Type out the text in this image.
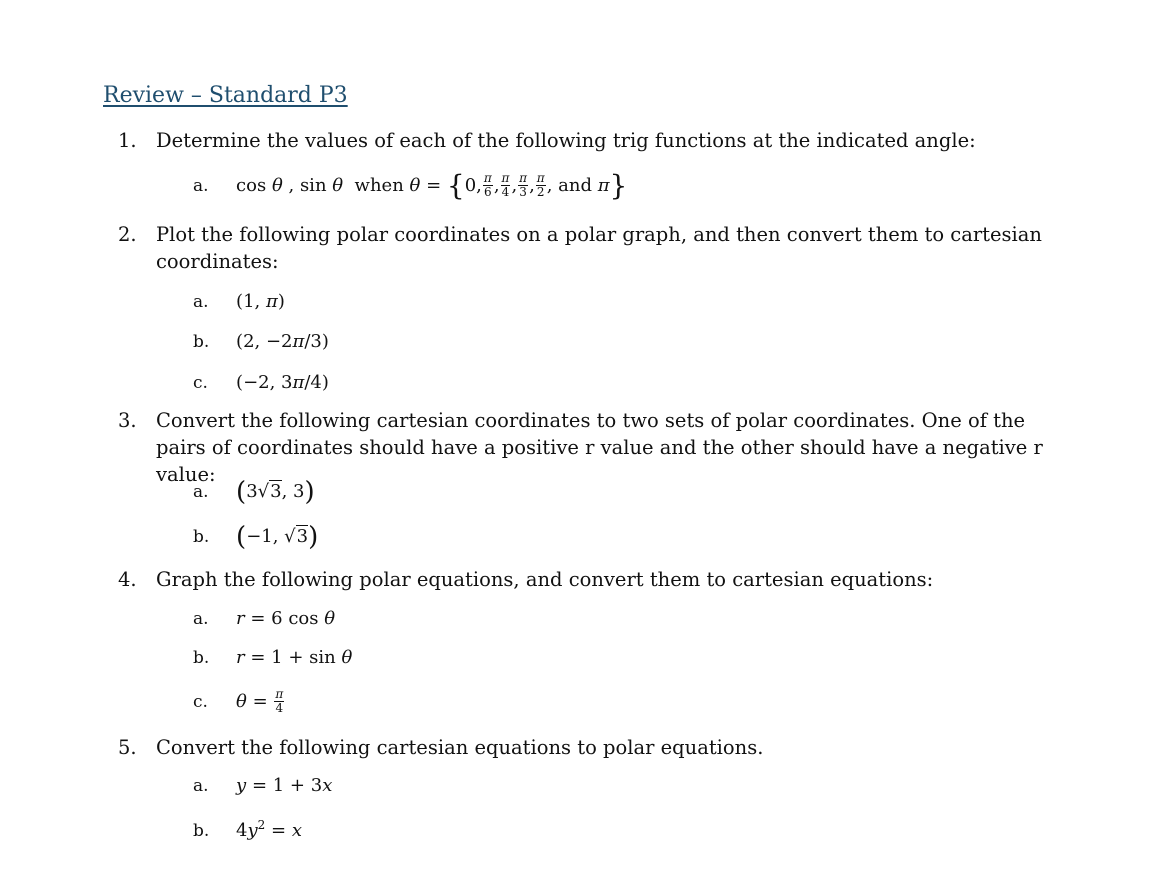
Review – Standard P3
1. Determine the values of each of the following trig functions at the indicated angle:
a. cos θ , sin θ  when θ = {0, $\frac{\pi}{6}$ , $\frac{\pi}{4}$ , $\frac{\pi}{3}$ , $\frac{\pi}{2}$ , and π}
2. Plot the following polar coordinates on a polar graph, and then convert them to cartesian coordinates:
a. (1, π)
b. (2, −2π/3)
c. (−2, 3π/4)
3. Convert the following cartesian coordinates to two sets of polar coordinates. One of the pairs of coordinates should have a positive r value and the other should have a negative r value:
a. (3√3, 3)
b. (−1, √3)
4. Graph the following polar equations, and convert them to cartesian equations:
a. r = 6 cos θ
b. r = 1 + sin θ
c. $\theta = \frac{\pi}{4}$
5. Convert the following cartesian equations to polar equations.
a. y = 1 + 3x
b. $4y^2 = x$
